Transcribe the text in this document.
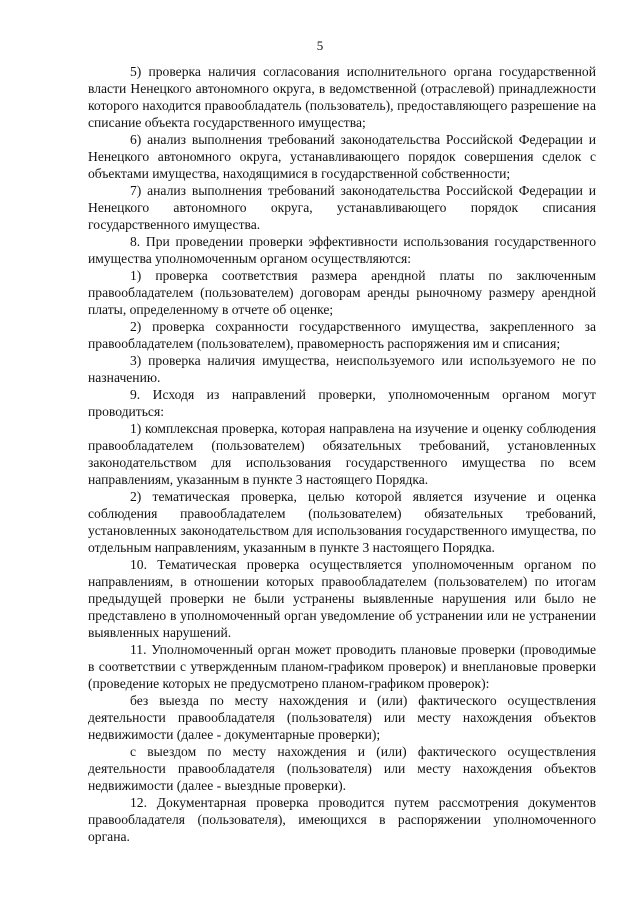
5

5) проверка наличия согласования исполнительного органа государственной власти Ненецкого автономного округа, в ведомственной (отраслевой) принадлежности которого находится правообладатель (пользователь), предоставляющего разрешение на списание объекта государственного имущества;

6) анализ выполнения требований законодательства Российской Федерации и Ненецкого автономного округа, устанавливающего порядок совершения сделок с объектами имущества, находящимися в государственной собственности;

7) анализ выполнения требований законодательства Российской Федерации и Ненецкого автономного округа, устанавливающего порядок списания государственного имущества.

8. При проведении проверки эффективности использования государственного имущества уполномоченным органом осуществляются:

1) проверка соответствия размера арендной платы по заключенным правообладателем (пользователем) договорам аренды рыночному размеру арендной платы, определенному в отчете об оценке;

2) проверка сохранности государственного имущества, закрепленного за правообладателем (пользователем), правомерность распоряжения им и списания;

3) проверка наличия имущества, неиспользуемого или используемого не по назначению.

9. Исходя из направлений проверки, уполномоченным органом могут проводиться:

1) комплексная проверка, которая направлена на изучение и оценку соблюдения правообладателем (пользователем) обязательных требований, установленных законодательством для использования государственного имущества по всем направлениям, указанным в пункте 3 настоящего Порядка.

2) тематическая проверка, целью которой является изучение и оценка соблюдения правообладателем (пользователем) обязательных требований, установленных законодательством для использования государственного имущества, по отдельным направлениям, указанным в пункте 3 настоящего Порядка.

10. Тематическая проверка осуществляется уполномоченным органом по направлениям, в отношении которых правообладателем (пользователем) по итогам предыдущей проверки не были устранены выявленные нарушения или было не представлено в уполномоченный орган уведомление об устранении или не устранении выявленных нарушений.

11. Уполномоченный орган может проводить плановые проверки (проводимые в соответствии с утвержденным планом-графиком проверок) и внеплановые проверки (проведение которых не предусмотрено планом-графиком проверок):

без выезда по месту нахождения и (или) фактического осуществления деятельности правообладателя (пользователя) или месту нахождения объектов недвижимости (далее - документарные проверки);

с выездом по месту нахождения и (или) фактического осуществления деятельности правообладателя (пользователя) или месту нахождения объектов недвижимости (далее - выездные проверки).

12. Документарная проверка проводится путем рассмотрения документов правообладателя (пользователя), имеющихся в распоряжении уполномоченного органа.
